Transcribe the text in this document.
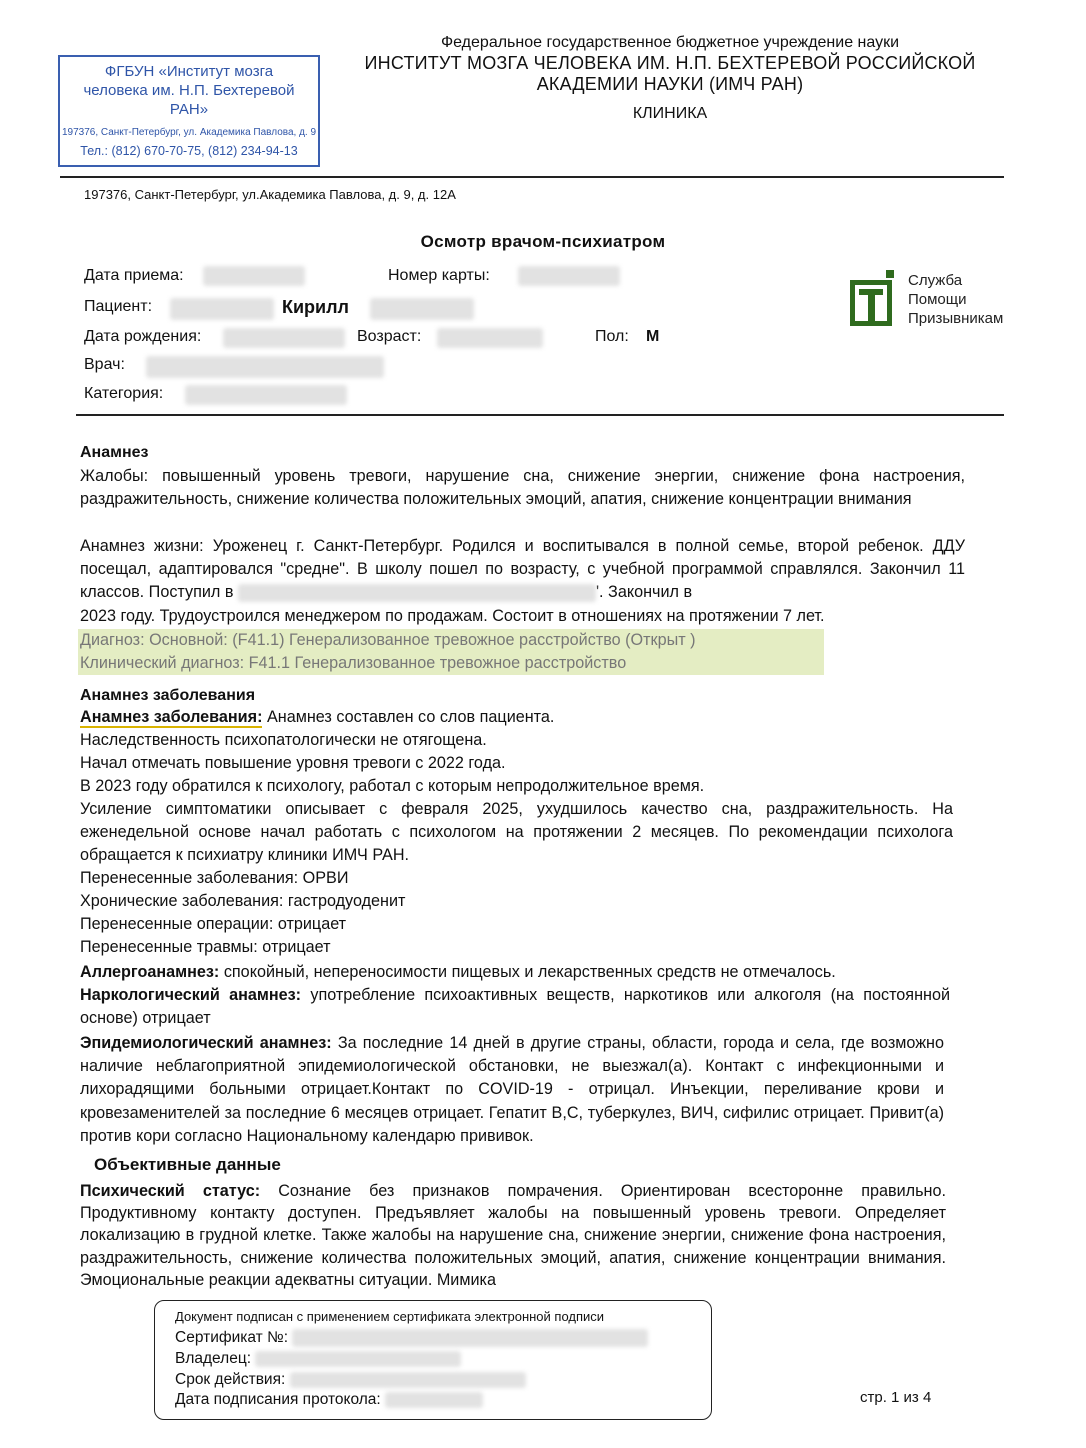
ФГБУН «Институт мозга
человека им. Н.П. Бехтеревой
РАН»
197376, Санкт-Петербург, ул. Академика Павлова, д. 9
Тел.: (812) 670-70-75, (812) 234-94-13
Федеральное государственное бюджетное учреждение науки
ИНСТИТУТ МОЗГА ЧЕЛОВЕКА ИМ. Н.П. БЕХТЕРЕВОЙ РОССИЙСКОЙ
АКАДЕМИИ НАУКИ (ИМЧ РАН)
КЛИНИКА
197376, Санкт-Петербург, ул.Академика Павлова, д. 9, д. 12А
Осмотр врачом-психиатром
Дата приема:	Номер карты:
Пациент:	Кирилл
Дата рождения:	Возраст:	Пол: М
Врач:
Категория:
Служба
Помощи
Призывникам
Анамнез
Жалобы: повышенный уровень тревоги, нарушение сна, снижение энергии, снижение фона настроения, раздражительность, снижение количества положительных эмоций, апатия, снижение концентрации внимания
Анамнез жизни: Уроженец г. Санкт-Петербург. Родился и воспитывался в полной семье, второй ребенок. ДДУ посещал, адаптировался "средне". В школу пошел по возрасту, с учебной программой справлялся. Закончил 11 классов. Поступил в	'. Закончил в
2023 году. Трудоустроился менеджером по продажам. Состоит в отношениях на протяжении 7 лет.
Диагноз: Основной: (F41.1) Генерализованное тревожное расстройство (Открыт )
Клинический диагноз: F41.1 Генерализованное тревожное расстройство
Анамнез заболевания
Анамнез заболевания: Анамнез составлен со слов пациента.
Наследственность психопатологически не отягощена.
Начал отмечать повышение уровня тревоги с 2022 года.
В 2023 году обратился к психологу, работал с которым непродолжительное время.
Усиление симптоматики описывает с февраля 2025, ухудшилось качество сна, раздражительность. На еженедельной основе начал работать с психологом на протяжении 2 месяцев. По рекомендации психолога обращается к психиатру клиники ИМЧ РАН.
Перенесенные заболевания: ОРВИ
Хронические заболевания: гастродуоденит
Перенесенные операции: отрицает
Перенесенные травмы: отрицает
Аллергоанамнез: спокойный, непереносимости пищевых и лекарственных средств не отмечалось.
Наркологический анамнез: употребление психоактивных веществ, наркотиков или алкоголя (на постоянной основе) отрицает
Эпидемиологический анамнез: За последние 14 дней в другие страны, области, города и села, где возможно наличие неблагоприятной эпидемиологической обстановки, не выезжал(а). Контакт с инфекционными и лихорадящими больными отрицает.Контакт по COVID-19 - отрицал. Инъекции, переливание крови и кровезаменителей за последние 6 месяцев отрицает. Гепатит В,С, туберкулез, ВИЧ, сифилис отрицает. Привит(а) против кори согласно Национальному календарю прививок.
Объективные данные
Психический статус: Сознание без признаков помрачения. Ориентирован всесторонне правильно. Продуктивному контакту доступен. Предъявляет жалобы на повышенный уровень тревоги. Определяет локализацию в грудной клетке. Также жалобы на нарушение сна, снижение энергии, снижение фона настроения, раздражительность, снижение количества положительных эмоций, апатия, снижение концентрации внимания. Эмоциональные реакции адекватны ситуации. Мимика
Документ подписан с применением сертификата электронной подписи
Сертификат №:
Владелец:
Срок действия:
Дата подписания протокола:	стр. 1 из 4
